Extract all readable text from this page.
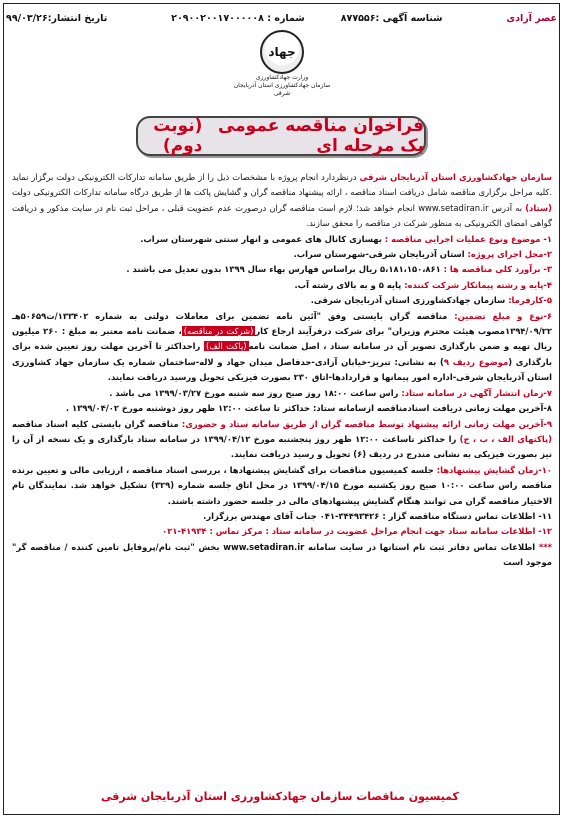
عصر آزادی
شناسه آگهی :۸۷۷۵۵۶
شماره : ۲۰۹۰۰۲۰۰۱۷۰۰۰۰۰۸
تاریخ انتشار:۹۹/۰۳/۲۶
جهاد
وزارت جهادکشاورزی
سازمان جهادکشاورزی استان آذربایجان شرقی
فراخوان مناقصه عمومی یک مرحله ای
(نوبت دوم)

سازمان جهادکشاورزی استان آذربایجان شرقی درنظردارد انجام پروژه با مشخصات ذیل را از طریق سامانه تدارکات الکترونیکی دولت برگزار نماید .کلیه مراحل برگزاری مناقصه شامل دریافت اسناد مناقصه ، ارائه پیشنهاد مناقصه گران و گشایش پاکت ها از طریق درگاه سامانه تدارکات الکترونیکی دولت (ستاد) به آدرس www.setadiran.ir انجام خواهد شد؛ لازم است مناقصه گران درصورت عدم عضویت قبلی ، مراحل ثبت نام در سایت مذکور و دریافت گواهی امضای الکترونیکی به منظور شرکت در مناقصه را محقق سازند.

۱- موضوع ونوع عملیات اجرایی مناقصه : بهسازی کانال های عمومی و انهار سنتی شهرستان سراب.

۲-محل اجرای پروژه: استان آذربایجان شرقی-شهرستان سراب.

۳- برآورد کلی مناقصه ها : ۵،۱۸۱،۱۵۰،۸۶۱ ریال براساس فهارس بهاء سال ۱۳۹۹ بدون تعدیل می باشند .

۴-پایه و رشته پیمانکار شرکت کننده: پایه ۵ و به بالای رشته آب.

۵-کارفرما: سازمان جهادکشاورزی استان آذربایجان شرقی.

۶-نوع و مبلغ تضمین: مناقصه گران بایستی وفق "آئین نامه تضمین برای معاملات دولتی به شماره ۱۳۳۴۰۲/ت۵۰۶۵۹هـ ۱۳۹۴/۰۹/۲۲مصوب هیئت محترم وزیران" برای شرکت درفرآیند ارجاع کار(شرکت در مناقصه)، ضمانت نامه معتبر به مبلغ : ۲۶۰ میلیون ریال تهیه و ضمن بارگذاری تصویر آن در سامانه ستاد ، اصل ضمانت نامه(پاکت الف) راحداکثر تا آخرین مهلت روز تعیین شده برای بارگذاری (موضوع ردیف ۹) به نشانی: تبریز-خیابان آزادی-حدفاصل میدان جهاد و لاله-ساختمان شماره یک سازمان جهاد کشاورزی استان آذربایجان شرقی-اداره امور پیمانها و قراردادها-اتاق ۲۳۰ بصورت فیزیکی تحویل ورسید دریافت نمایند.

۷-زمان انتشار آگهی در سامانه ستاد: راس ساعت ۱۸:۰۰ روز صبح روز سه شنبه مورخ ۱۳۹۹/۰۳/۲۷ می باشد .

۸-آخرین مهلت زمانی دریافت اسنادمناقصه ازسامانه ستاد: حداکثر تا ساعت ۱۲:۰۰ ظهر روز دوشنبه مورخ ۱۳۹۹/۰۴/۰۲ .

۹-آخرین مهلت زمانی ارائه پیشنهاد توسط مناقصه گران از طریق سامانه ستاد و حضوری: مناقصه گران بایستی کلیه اسناد مناقصه (پاکتهای الف ، ب ، ج) را حداکثر تاساعت ۱۲:۰۰ ظهر روز پنجشنبه مورخ ۱۳۹۹/۰۴/۱۲ در سامانه ستاد بارگذاری و یک نسخه از آن را نیز بصورت فیزیکی به نشانی مندرج در ردیف (۶) تحویل و رسید دریافت نمایند.

۱۰-زمان گشایش پیشنهادها: جلسه کمیسیون مناقصات برای گشایش پیشنهادها ، بررسی اسناد مناقصه ، ارزیابی مالی و تعیین برنده مناقصه راس ساعت ۱۰:۰۰ صبح روز یکشنبه مورخ ۱۳۹۹/۰۴/۱۵ در محل اتاق جلسه شماره (۳۲۹) تشکیل خواهد شد. نمایندگان تام الاختیار مناقصه گران می توانند هنگام گشایش پیشنهادهای مالی در جلسه حضور داشته باشند.

۱۱- اطلاعات تماس دستگاه مناقصه گزار : ۳۴۴۹۳۴۲۶-۰۴۱ جناب آقای مهندس برزگزار.

۱۲- اطلاعات سامانه ستاد جهت انجام مراحل عضویت در سامانه ستاد : مرکز تماس : ۴۱۹۳۴-۰۲۱

*** اطلاعات تماس دفاتر ثبت نام استانها در سایت سامانه www.setadiran.ir بخش "ثبت نام/پروفایل تامین کننده / مناقصه گر" موجود است

کمیسیون مناقصات سازمان جهادکشاورزی استان آذربایجان شرقی
